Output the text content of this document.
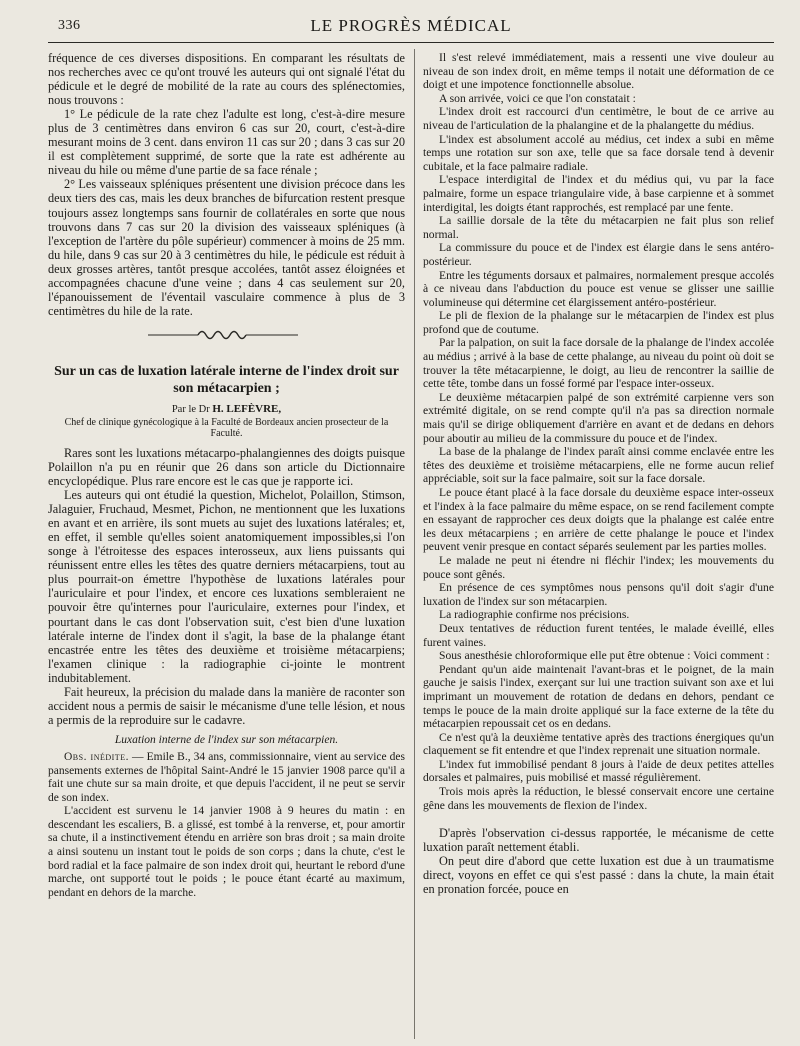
336	LE PROGRÈS MÉDICAL

fréquence de ces diverses dispositions. En comparant les résultats de nos recherches avec ce qu'ont trouvé les auteurs qui ont signalé l'état du pédicule et le degré de mobilité de la rate au cours des splénectomies, nous trouvons :

1° Le pédicule de la rate chez l'adulte est long, c'est-à-dire mesure plus de 3 centimètres dans environ 6 cas sur 20, court, c'est-à-dire mesurant moins de 3 cent. dans environ 11 cas sur 20 ; dans 3 cas sur 20 il est complètement supprimé, de sorte que la rate est adhérente au niveau du hile ou même d'une partie de sa face rénale ;

2° Les vaisseaux spléniques présentent une division précoce dans les deux tiers des cas, mais les deux branches de bifurcation restent presque toujours assez longtemps sans fournir de collatérales en sorte que nous trouvons dans 7 cas sur 20 la division des vaisseaux spléniques (à l'exception de l'artère du pôle supérieur) commencer à moins de 25 mm. du hile, dans 9 cas sur 20 à 3 centimètres du hile, le pédicule est réduit à deux grosses artères, tantôt presque accolées, tantôt assez éloignées et accompagnées chacune d'une veine ; dans 4 cas seulement sur 20, l'épanouissement de l'éventail vasculaire commence à plus de 3 centimètres du hile de la rate.

Sur un cas de luxation latérale interne de l'index droit sur son métacarpien ;

Par le Dr H. LEFÈVRE,

Chef de clinique gynécologique à la Faculté de Bordeaux ancien prosecteur de la Faculté.

Rares sont les luxations métacarpo-phalangiennes des doigts puisque Polaillon n'a pu en réunir que 26 dans son article du Dictionnaire encyclopédique. Plus rare encore est le cas que je rapporte ici.

Les auteurs qui ont étudié la question, Michelot, Polaillon, Stimson, Jalaguier, Fruchaud, Mesmet, Pichon, ne mentionnent que les luxations en avant et en arrière, ils sont muets au sujet des luxations latérales; et, en effet, il semble qu'elles soient anatomiquement impossibles,si l'on songe à l'étroitesse des espaces interosseux, aux liens puissants qui réunissent entre elles les têtes des quatre derniers métacarpiens, tout au plus pourrait-on émettre l'hypothèse de luxations latérales pour l'auriculaire et pour l'index, et encore ces luxations sembleraient ne pouvoir être qu'internes pour l'auriculaire, externes pour l'index, et pourtant dans le cas dont l'observation suit, c'est bien d'une luxation latérale interne de l'index dont il s'agit, la base de la phalange étant encastrée entre les têtes des deuxième et troisième métacarpiens; l'examen clinique : la radiographie ci-jointe le montrent indubitablement.

Fait heureux, la précision du malade dans la manière de raconter son accident nous a permis de saisir le mécanisme d'une telle lésion, et nous a permis de la reproduire sur le cadavre.

Luxation interne de l'index sur son métacarpien.

Obs. inédite. — Emile B., 34 ans, commissionnaire, vient au service des pansements externes de l'hôpital Saint-André le 15 janvier 1908 parce qu'il a fait une chute sur sa main droite, et que depuis l'accident, il ne peut se servir de son index.

L'accident est survenu le 14 janvier 1908 à 9 heures du matin : en descendant les escaliers, B. a glissé, est tombé à la renverse, et, pour amortir sa chute, il a instinctivement étendu en arrière son bras droit ; sa main droite a ainsi soutenu un instant tout le poids de son corps ; dans la chute, c'est le bord radial et la face palmaire de son index droit qui, heurtant le rebord d'une marche, ont supporté tout le poids ; le pouce étant écarté au maximum, pendant en dehors de la marche.

Il s'est relevé immédiatement, mais a ressenti une vive douleur au niveau de son index droit, en même temps il notait une déformation de ce doigt et une impotence fonctionnelle absolue.

A son arrivée, voici ce que l'on constatait :

L'index droit est raccourci d'un centimètre, le bout de ce arrive au niveau de l'articulation de la phalangine et de la phalangette du médius.

L'index est absolument accolé au médius, cet index a subi en même temps une rotation sur son axe, telle que sa face dorsale tend à devenir cubitale, et la face palmaire radiale.

L'espace interdigital de l'index et du médius qui, vu par la face palmaire, forme un espace triangulaire vide, à base carpienne et à sommet interdigital, les doigts étant rapprochés, est remplacé par une fente.

La saillie dorsale de la tête du métacarpien ne fait plus son relief normal.

La commissure du pouce et de l'index est élargie dans le sens antéro-postérieur.

Entre les téguments dorsaux et palmaires, normalement presque accolés à ce niveau dans l'abduction du pouce est venue se glisser une saillie volumineuse qui détermine cet élargissement antéro-postérieur.

Le pli de flexion de la phalange sur le métacarpien de l'index est plus profond que de coutume.

Par la palpation, on suit la face dorsale de la phalange de l'index accolée au médius ; arrivé à la base de cette phalange, au niveau du point où doit se trouver la tête métacarpienne, le doigt, au lieu de rencontrer la saillie de cette tête, tombe dans un fossé formé par l'espace inter-osseux.

Le deuxième métacarpien palpé de son extrémité carpienne vers son extrémité digitale, on se rend compte qu'il n'a pas sa direction normale mais qu'il se dirige obliquement d'arrière en avant et de dedans en dehors pour aboutir au milieu de la commissure du pouce et de l'index.

La base de la phalange de l'index paraît ainsi comme enclavée entre les têtes des deuxième et troisième métacarpiens, elle ne forme aucun relief appréciable, soit sur la face palmaire, soit sur la face dorsale.

Le pouce étant placé à la face dorsale du deuxième espace inter-osseux et l'index à la face palmaire du même espace, on se rend facilement compte en essayant de rapprocher ces deux doigts que la phalange est calée entre les deux métacarpiens ; en arrière de cette phalange le pouce et l'index peuvent venir presque en contact séparés seulement par les parties molles.

Le malade ne peut ni étendre ni fléchir l'index; les mouvements du pouce sont gênés.

En présence de ces symptômes nous pensons qu'il doit s'agir d'une luxation de l'index sur son métacarpien.

La radiographie confirme nos précisions.

Deux tentatives de réduction furent tentées, le malade éveillé, elles furent vaines.

Sous anesthésie chloroformique elle put être obtenue : Voici comment :

Pendant qu'un aide maintenait l'avant-bras et le poignet, de la main gauche je saisis l'index, exerçant sur lui une traction suivant son axe et lui imprimant un mouvement de rotation de dedans en dehors, pendant ce temps le pouce de la main droite appliqué sur la face externe de la tête du métacarpien repoussait cet os en dedans.

Ce n'est qu'à la deuxième tentative après des tractions énergiques qu'un claquement se fit entendre et que l'index reprenait une situation normale.

L'index fut immobilisé pendant 8 jours à l'aide de deux petites attelles dorsales et palmaires, puis mobilisé et massé régulièrement.

Trois mois après la réduction, le blessé conservait encore une certaine gêne dans les mouvements de flexion de l'index.

D'après l'observation ci-dessus rapportée, le mécanisme de cette luxation paraît nettement établi.

On peut dire d'abord que cette luxation est due à un traumatisme direct, voyons en effet ce qui s'est passé : dans la chute, la main était en pronation forcée, pouce en
